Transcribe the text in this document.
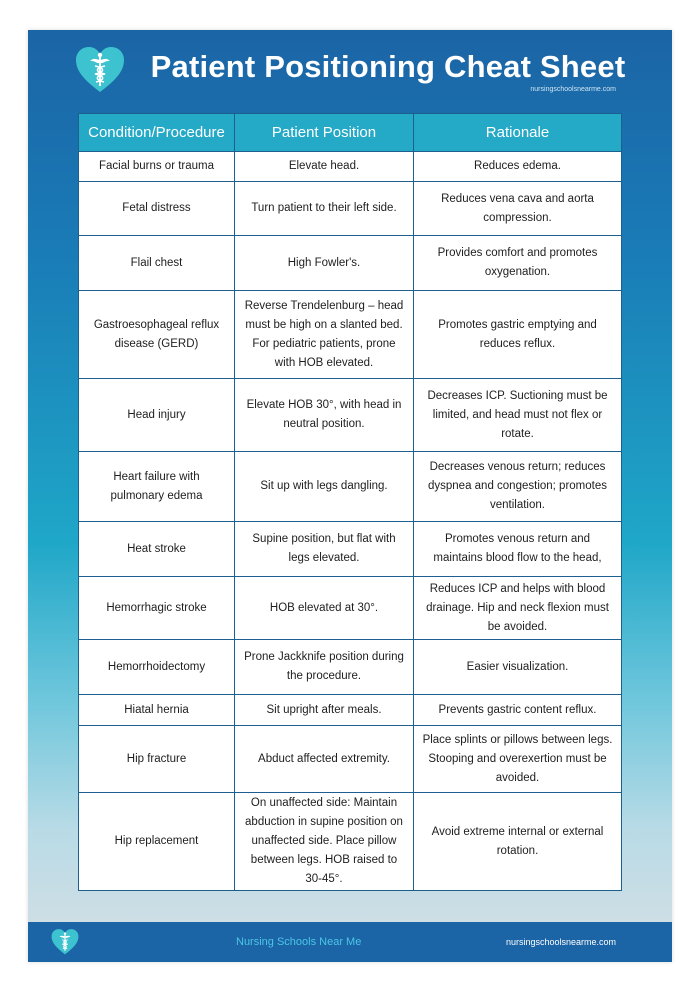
Patient Positioning Cheat Sheet
nursingschoolsnearme.com
Condition/Procedure	Patient Position	Rationale
Facial burns or trauma	Elevate head.	Reduces edema.
Fetal distress	Turn patient to their left side.	Reduces vena cava and aorta compression.
Flail chest	High Fowler's.	Provides comfort and promotes oxygenation.
Gastroesophageal reflux disease (GERD)	Reverse Trendelenburg – head must be high on a slanted bed. For pediatric patients, prone with HOB elevated.	Promotes gastric emptying and reduces reflux.
Head injury	Elevate HOB 30°, with head in neutral position.	Decreases ICP. Suctioning must be limited, and head must not flex or rotate.
Heart failure with pulmonary edema	Sit up with legs dangling.	Decreases venous return; reduces dyspnea and congestion; promotes ventilation.
Heat stroke	Supine position, but flat with legs elevated.	Promotes venous return and maintains blood flow to the head,
Hemorrhagic stroke	HOB elevated at 30°.	Reduces ICP and helps with blood drainage. Hip and neck flexion must be avoided.
Hemorrhoidectomy	Prone Jackknife position during the procedure.	Easier visualization.
Hiatal hernia	Sit upright after meals.	Prevents gastric content reflux.
Hip fracture	Abduct affected extremity.	Place splints or pillows between legs. Stooping and overexertion must be avoided.
Hip replacement	On unaffected side: Maintain abduction in supine position on unaffected side. Place pillow between legs. HOB raised to 30-45°.	Avoid extreme internal or external rotation.
Nursing Schools Near Me	nursingschoolsnearme.com
